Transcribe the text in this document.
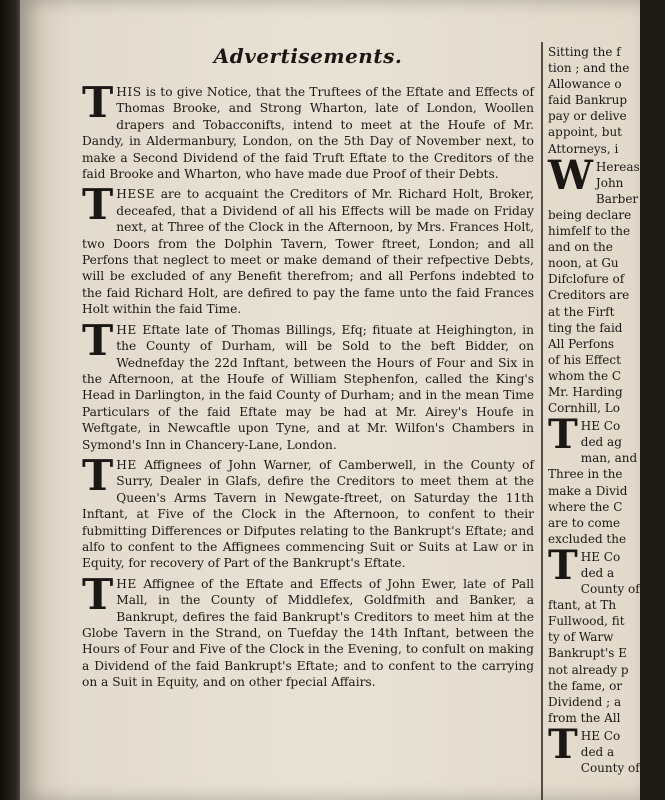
Advertisements.
THIS is to give Notice, that the Truftees of the Eftate and Effects of Thomas Brooke, and Strong Wharton, late of London, Woollen drapers and Tobacconifts, intend to meet at the Houfe of Mr. Dandy, in Aldermanbury, London, on the 5th Day of November next, to make a Second Dividend of the faid Truft Eftate to the Creditors of the faid Brooke and Wharton, who have made due Proof of their Debts.
THESE are to acquaint the Creditors of Mr. Richard Holt, Broker, deceafed, that a Dividend of all his Effects will be made on Friday next, at Three of the Clock in the Afternoon, by Mrs. Frances Holt, two Doors from the Dolphin Tavern, Tower ftreet, London; and all Perfons that neglect to meet or make demand of their refpective Debts, will be excluded of any Benefit therefrom; and all Perfons indebted to the faid Richard Holt, are defired to pay the fame unto the faid Frances Holt within the faid Time.
THE Eftate late of Thomas Billings, Efq; fituate at Heighington, in the County of Durham, will be Sold to the beft Bidder, on Wednefday the 22d Inftant, between the Hours of Four and Six in the Afternoon, at the Houfe of William Stephenfon, called the King's Head in Darlington, in the faid County of Durham; and in the mean Time Particulars of the faid Eftate may be had at Mr. Airey's Houfe in Weftgate, in Newcaftle upon Tyne, and at Mr. Wilfon's Chambers in Symond's Inn in Chancery-Lane, London.
THE Affignees of John Warner, of Camberwell, in the County of Surry, Dealer in Glafs, defire the Creditors to meet them at the Queen's Arms Tavern in Newgate-ftreet, on Saturday the 11th Inftant, at Five of the Clock in the Afternoon, to confent to their fubmitting Differences or Difputes relating to the Bankrupt's Eftate; and alfo to confent to the Affignees commencing Suit or Suits at Law or in Equity, for recovery of Part of the Bankrupt's Eftate.
THE Affignee of the Eftate and Effects of John Ewer, late of Pall Mall, in the County of Middlefex, Goldfmith and Banker, a Bankrupt, defires the faid Bankrupt's Creditors to meet him at the Globe Tavern in the Strand, on Tuefday the 14th Inftant, between the Hours of Four and Five of the Clock in the Evening, to confult on making a Dividend of the faid Bankrupt's Eftate; and to confent to the carrying on a Suit in Equity, and on other fpecial Affairs.
Sitting the f
tion ; and the
Allowance o
faid Bankrup
pay or delive
appoint, but
Attorneys, i
W Hereas
John
Barber and
being declare
himfelf to the
and on the
noon, at Gu
Difclofure of
Creditors are
at the Firft
ting the faid
All Perfons
of his Effect
whom the C
Mr. Harding
Cornhill, Lo
T HE Co
ded ag
man, and Gli
Three in the
make a Divid
where the C
are to come
excluded the
T HE Co
ded a
County of Sa
ftant, at Th
Fullwood, fit
ty of Warw
Bankrupt's E
not already p
the fame, or
Dividend ; a
from the All
T HE Co
ded a
County of Co
